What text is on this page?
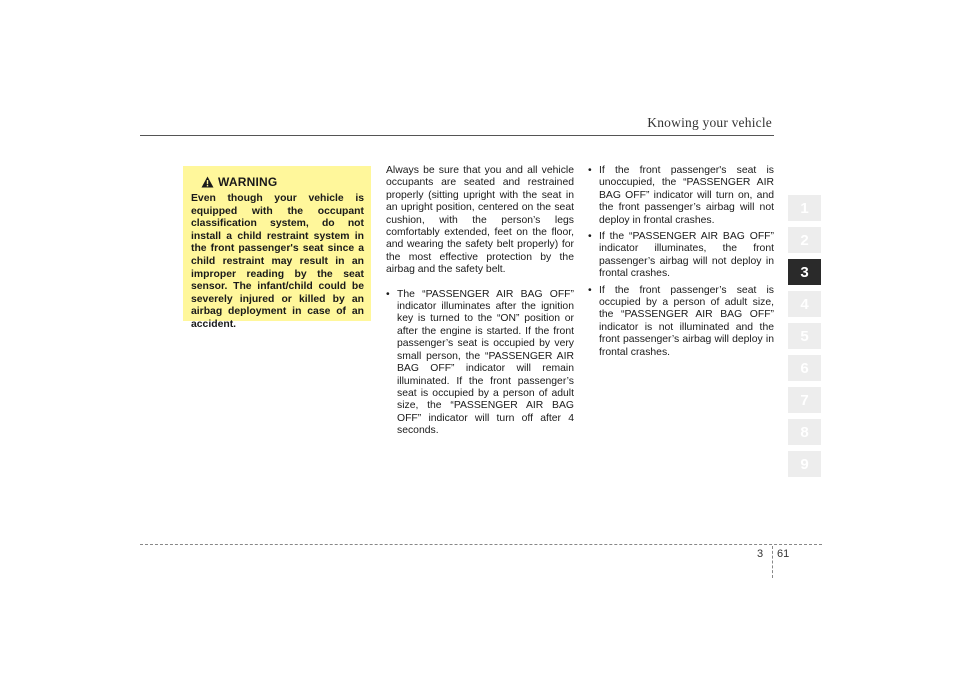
Knowing your vehicle
WARNING
Even though your vehicle is equipped with the occupant classification system, do not install a child restraint system in the front passenger's seat since a child restraint may result in an improper reading by the seat sensor. The infant/child could be severely injured or killed by an airbag deployment in case of an accident.

Always be sure that you and all vehicle occupants are seated and restrained properly (sitting upright with the seat in an upright position, centered on the seat cushion, with the person’s legs comfortably extended, feet on the floor, and wearing the safety belt properly) for the most effective protection by the airbag and the safety belt.

• The “PASSENGER AIR BAG OFF” indicator illuminates after the ignition key is turned to the “ON” position or after the engine is started. If the front passenger’s seat is occupied by very small person, the “PASSENGER AIR BAG OFF” indicator will remain illuminated. If the front passenger’s seat is occupied by a person of adult size, the “PASSENGER AIR BAG OFF” indicator will turn off after 4 seconds.
• If the front passenger's seat is unoccupied, the “PASSENGER AIR BAG OFF” indicator will turn on, and the front passenger’s airbag will not deploy in frontal crashes.
• If the “PASSENGER AIR BAG OFF” indicator illuminates, the front passenger’s airbag will not deploy in frontal crashes.
• If the front passenger’s seat is occupied by a person of adult size, the “PASSENGER AIR BAG OFF” indicator is not illuminated and the front passenger’s airbag will deploy in frontal crashes.
1
2
3
4
5
6
7
8
9
3 61
